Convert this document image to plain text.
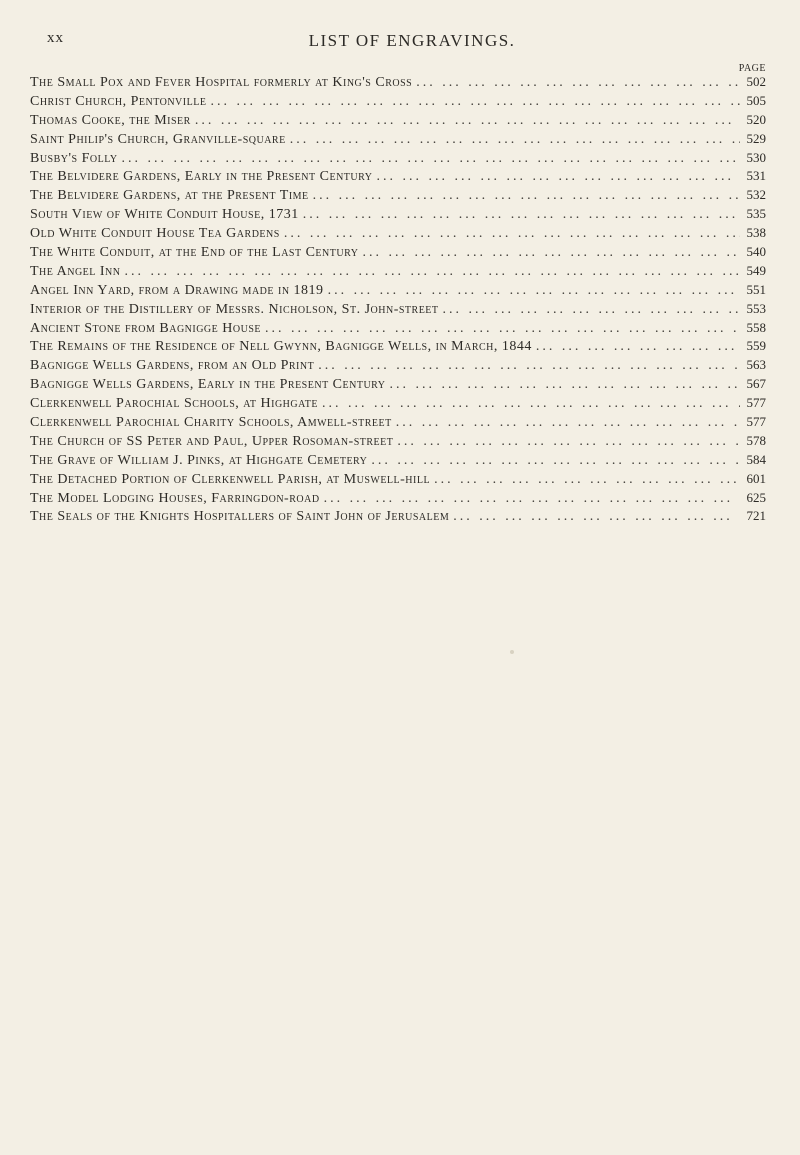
xx	LIST OF ENGRAVINGS.
PAGE
The Small Pox and Fever Hospital formerly at King's Cross ... .	502
Christ Church, Pentonville ... .	505
Thomas Cooke, the Miser ... .	520
Saint Philip's Church, Granville-square ... .	529
Busby's Folly ... .	530
The Belvidere Gardens, Early in the Present Century ... .	531
The Belvidere Gardens, at the Present Time ... .	532
South View of White Conduit House, 1731 ... .	535
Old White Conduit House Tea Gardens ... .	538
The White Conduit, at the End of the Last Century ... .	540
The Angel Inn ... .	549
Angel Inn Yard, from a Drawing made in 1819 ... .	551
Interior of the Distillery of Messrs. Nicholson, St. John-street ... .	553
Ancient Stone from Bagnigge House ... .	558
The Remains of the Residence of Nell Gwynn, Bagnigge Wells, in March, 1844 ... .	559
Bagnigge Wells Gardens, from an Old Print ... .	563
Bagnigge Wells Gardens, Early in the Present Century ... .	567
Clerkenwell Parochial Schools, at Highgate ... .	577
Clerkenwell Parochial Charity Schools, Amwell-street ... .	577
The Church of SS Peter and Paul, Upper Rosoman-street ... .	578
The Grave of William J. Pinks, at Highgate Cemetery ... .	584
The Detached Portion of Clerkenwell Parish, at Muswell-hill ... .	601
The Model Lodging Houses, Farringdon-road ... .	625
The Seals of the Knights Hospitallers of Saint John of Jerusalem ... .	721
